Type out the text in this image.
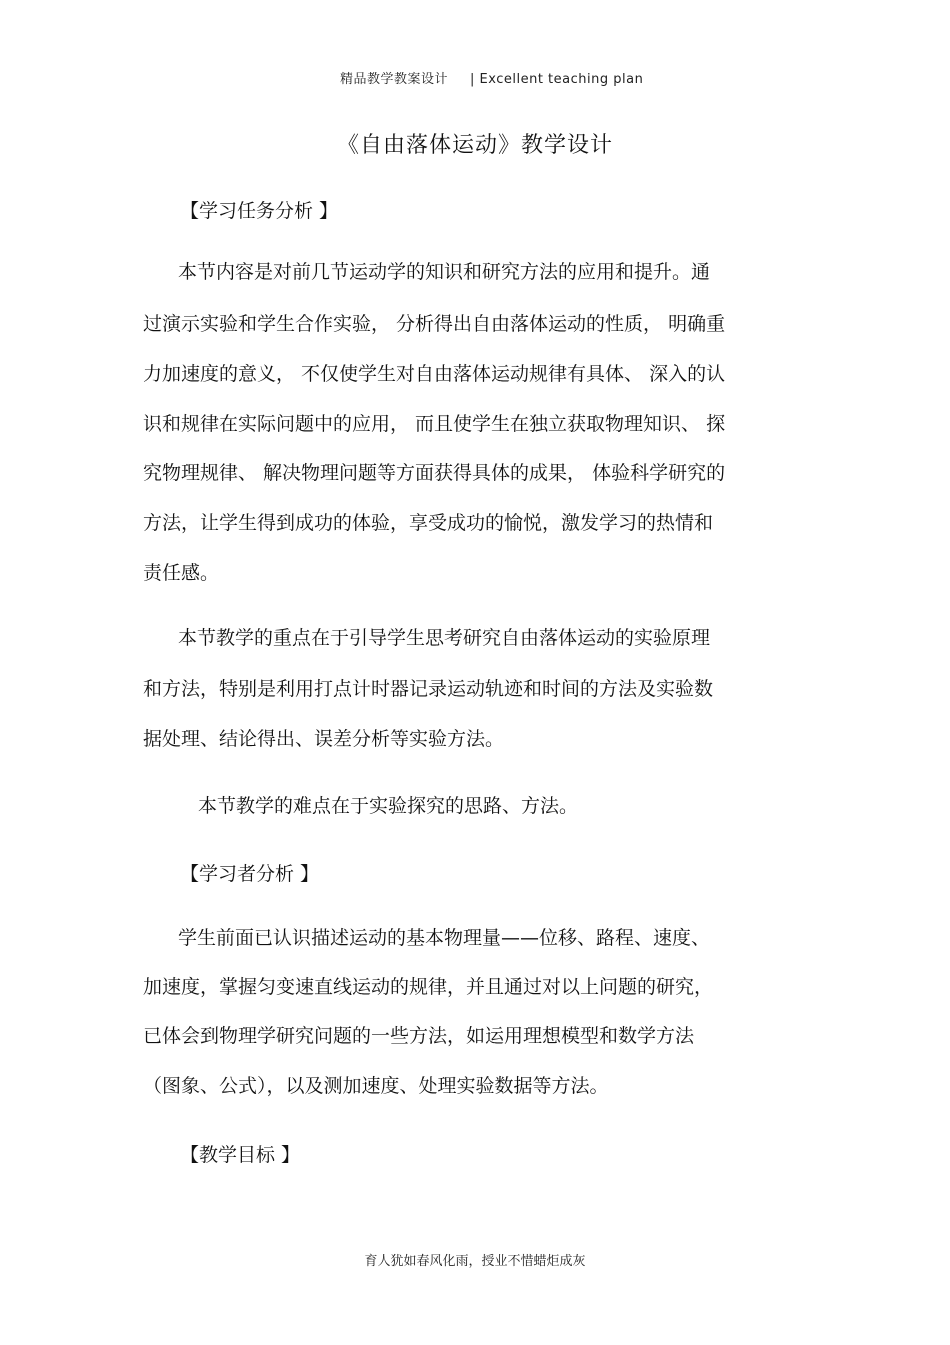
精品教学教案设计 | Excellent teaching plan
《自由落体运动》教学设计
【学习任务分析 】
本节内容是对前几节运动学的知识和研究方法的应用和提升。通
过演示实验和学生合作实验， 分析得出自由落体运动的性质， 明确重
力加速度的意义， 不仅使学生对自由落体运动规律有具体、 深入的认
识和规律在实际问题中的应用， 而且使学生在独立获取物理知识、 探
究物理规律、 解决物理问题等方面获得具体的成果， 体验科学研究的
方法，让学生得到成功的体验，享受成功的愉悦，激发学习的热情和
责任感。
本节教学的重点在于引导学生思考研究自由落体运动的实验原理
和方法，特别是利用打点计时器记录运动轨迹和时间的方法及实验数
据处理、结论得出、误差分析等实验方法。
本节教学的难点在于实验探究的思路、方法。
【学习者分析 】
学生前面已认识描述运动的基本物理量——位移、路程、速度、
加速度，掌握匀变速直线运动的规律，并且通过对以上问题的研究，
已体会到物理学研究问题的一些方法，如运用理想模型和数学方法
（图象、公式），以及测加速度、处理实验数据等方法。
【教学目标 】
育人犹如春风化雨，授业不惜蜡炬成灰
